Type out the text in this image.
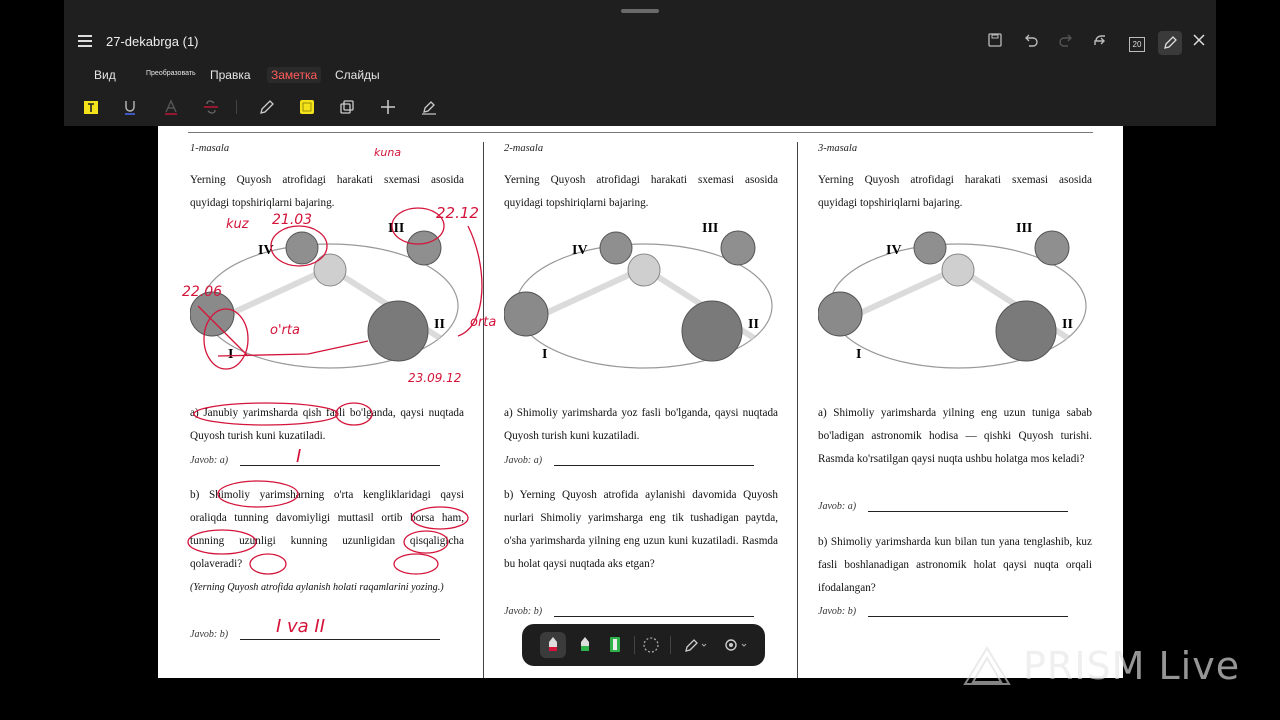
27-dekabrga (1)	20
Вид	Преобразовать Правка	Заметка	Слайды
1-masala
Yerning Quyosh atrofidagi harakati sxemasi asosida quyidagi topshiriqlarni bajaring.
I
II
III
IV
a) Janubiy yarimsharda qish fasli bo'lganda, qaysi nuqtada Quyosh turish kuni kuzatiladi.
Javob: a)
b) Shimoliy yarimsharning o'rta kengliklaridagi qaysi oraliqda tunning davomiyligi muttasil ortib borsa ham, tunning uzunligi kunning uzunligidan qisqaligicha qolaveradi?
(Yerning Quyosh atrofida aylanish holati raqamlarini yozing.)
Javob: b)
2-masala
Yerning Quyosh atrofidagi harakati sxemasi asosida quyidagi topshiriqlarni bajaring.
I
II
III
IV
a) Shimoliy yarimsharda yoz fasli bo'lganda, qaysi nuqtada Quyosh turish kuni kuzatiladi.
Javob: a)
b) Yerning Quyosh atrofida aylanishi davomida Quyosh nurlari Shimoliy yarimsharga eng tik tushadigan paytda, o'sha yarimsharda yilning eng uzun kuni kuzatiladi. Rasmda bu holat qaysi nuqtada aks etgan?
Javob: b)
3-masala
Yerning Quyosh atrofidagi harakati sxemasi asosida quyidagi topshiriqlarni bajaring.
I
II
III
IV
a) Shimoliy yarimsharda yilning eng uzun tuniga sabab bo'ladigan astronomik hodisa — qishki Quyosh turishi. Rasmda ko'rsatilgan qaysi nuqta ushbu holatga mos keladi?
Javob: a)
b) Shimoliy yarimsharda kun bilan tun yana tenglashib, kuz fasli boshlanadigan astronomik holat qaysi nuqta orqali ifodalangan?
Javob: b)
kuna
kuz 21.03	22.12
22.06
o'rta
orta
23.09.12
I
I va II
PRISM Live
